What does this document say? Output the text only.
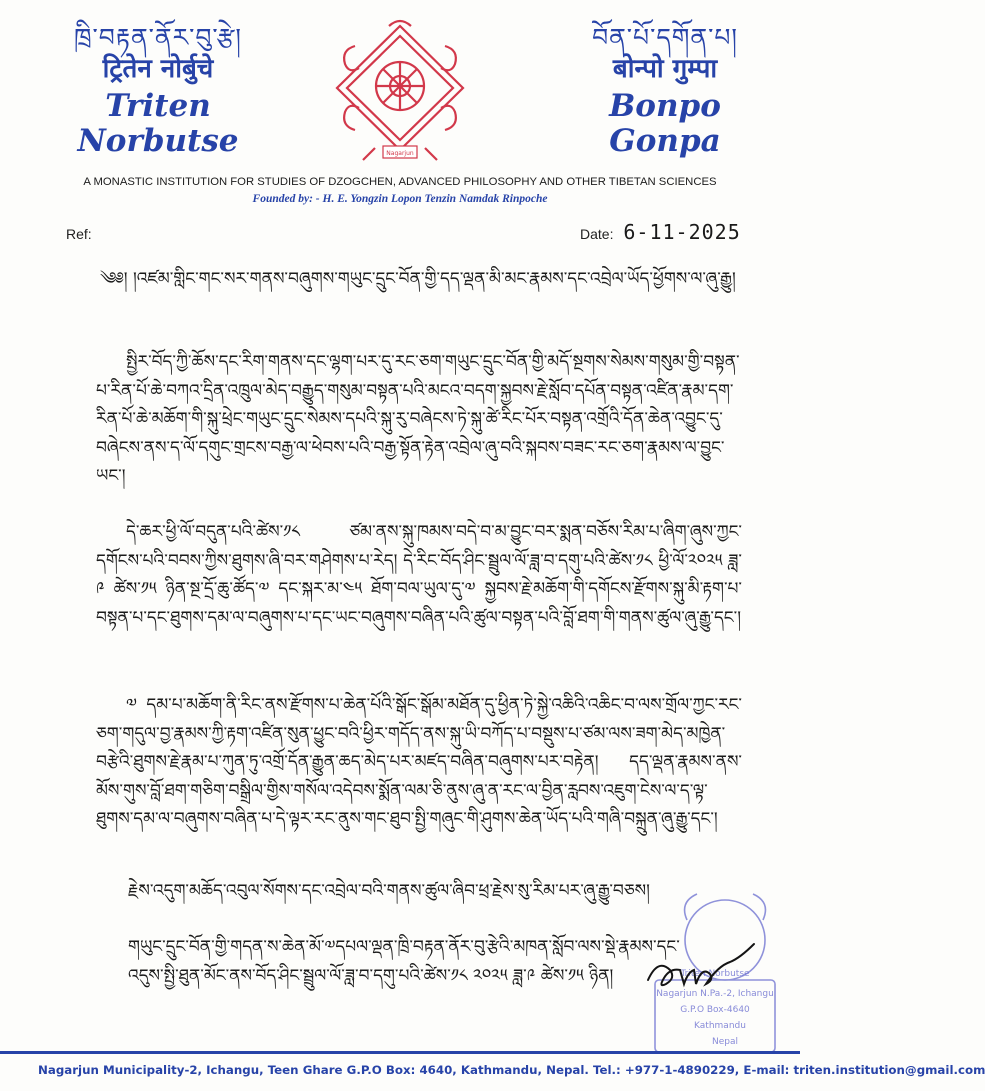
ཁྲི་བརྟན་ནོར་བུ་རྩེ།
ट्रितेन नोर्बुचे
Triten Norbutse	Nagarjun
བོན་པོ་དགོན་པ།
बोन्पो गुम्पा
Bonpo Gonpa
A MONASTIC INSTITUTION FOR STUDIES OF DZOGCHEN, ADVANCED PHILOSOPHY AND OTHER TIBETAN SCIENCES
Founded by: - H. E. Yongzin Lopon Tenzin Namdak Rinpoche
Ref:	Date: 6-11-2025
༄༅། །འཛམ་གླིང་གང་སར་གནས་བཞུགས་གཡུང་དྲུང་བོན་གྱི་དད་ལྡན་མི་མང་རྣམས་དང་འབྲེལ་ཡོད་ཕྱོགས་ལ་ཞུ་རྒྱུ།
སྤྱིར་བོད་ཀྱི་ཆོས་དང་རིག་གནས་དང་ལྷག་པར་དུ་རང་ཅག་གཡུང་དྲུང་བོན་གྱི་མདོ་སྔགས་སེམས་གསུམ་གྱི་བསྟན་པ་རིན་པོ་ཆེ་བཀའ་དྲིན་འཁྲུལ་མེད་བརྒྱུད་གསུམ་བསྟན་པའི་མངའ་བདག་སྐྱབས་རྗེ་སློབ་དཔོན་བསྟན་འཛིན་རྣམ་དག་རིན་པོ་ཆེ་མཆོག་གི་སྐུ་ཕྲེང་གཡུང་དྲུང་སེམས་དཔའི་སྐུ་རུ་བཞེངས་ཏེ་སྐུ་ཚེ་རིང་པོར་བསྟན་འགྲོའི་དོན་ཆེན་འབྱུང་དུ་བཞེངས་ནས་ད་ལོ་དགུང་གྲངས་བརྒྱ་ལ་ཕེབས་པའི་བརྒྱ་སྟོན་རྟེན་འབྲེལ་ཞུ་བའི་སྐབས་བཟང་རང་ཅག་རྣམས་ལ་བྱུང་ཡང་།
དེ་ཆར་ཕྱི་ལོ་བདུན་པའི་ཚེས་༡༨ ཙམ་ནས་སྐུ་ཁམས་བདེ་བ་མ་བྱུང་བར་སྨན་བཅོས་རིམ་པ་ཞིག་ཞུས་ཀྱང་དགོངས་པའི་བབས་ཀྱིས་ཐུགས་ཞི་བར་གཤེགས་པ་རེད། དེ་རིང་བོད་ཤིང་སྦྲུལ་ལོ་ཟླ་བ་དགུ་པའི་ཚེས་༡༨ ཕྱི་ལོ་༢༠༢༥ ཟླ་༩ ཚེས་༡༥ ཉིན་སྔ་དྲོ་ཆུ་ཚོད་༧ དང་སྐར་མ་༤༥ ཐོག་བལ་ཡུལ་དུ་༧ སྐྱབས་རྗེ་མཆོག་གི་དགོངས་རྫོགས་སྐུ་མི་རྟག་པ་བསྟན་པ་དང་ཐུགས་དམ་ལ་བཞུགས་པ་དང་ཡང་བཞུགས་བཞིན་པའི་ཚུལ་བསྟན་པའི་བློ་ཐག་གི་གནས་ཚུལ་ཞུ་རྒྱུ་དང་།
༧ དམ་པ་མཆོག་ནི་རིང་ནས་རྫོགས་པ་ཆེན་པོའི་སྒོང་སྒོམ་མཐོན་དུ་ཕྱིན་ཏེ་སྐྱེ་འཆིའི་འཆིང་བ་ལས་གྲོལ་ཀྱང་རང་ཅག་གདུལ་བྱ་རྣམས་ཀྱི་རྟག་འཛིན་སུན་ཕྱུང་བའི་ཕྱིར་གདོད་ནས་སྐུ་ཡི་བཀོད་པ་བསྡུས་པ་ཙམ་ལས་ཟག་མེད་མཁྱེན་བརྩེའི་ཐུགས་རྗེ་རྣམ་པ་ཀུན་ཏུ་འགྲོ་དོན་རྒྱུན་ཆད་མེད་པར་མཛད་བཞིན་བཞུགས་པར་བརྟེན། དད་ལྡན་རྣམས་ནས་མོས་གུས་བློ་ཐག་གཅིག་བསྒྲིལ་གྱིས་གསོལ་འདེབས་སྨོན་ལམ་ཅི་ནུས་ཞུ་ན་རང་ལ་བྱིན་རླབས་འཇུག་ངེས་ལ་ད་ལྟ་ཐུགས་དམ་ལ་བཞུགས་བཞིན་པ་དེ་ལྟར་རང་ནུས་གང་ཐུབ་སྤྱི་གཞུང་གི་ཤུགས་ཆེན་ཡོད་པའི་གཞི་བསྐྲུན་ཞུ་རྒྱུ་དང་།
རྗེས་འདུག་མཆོད་འབུལ་སོགས་དང་འབྲེལ་བའི་གནས་ཚུལ་ཞིབ་ཕྲ་རྗེས་སུ་རིམ་པར་ཞུ་རྒྱུ་བཅས།
གཡུང་དྲུང་བོན་གྱི་གདན་ས་ཆེན་མོ་༧དཔལ་ལྡན་ཁྲི་བརྟན་ནོར་བུ་རྩེའི་མཁན་སློབ་ལས་སྡེ་རྣམས་དང་
འདུས་སྤྱི་ཐུན་མོང་ནས་བོད་ཤིང་སྦྲུལ་ལོ་ཟླ་བ་དགུ་པའི་ཚེས་༡༨ ༢༠༢༥ ཟླ་༩ ཚེས་༡༥ ཉིན།	Triten Norbutse
Nagarjun N.Pa.-2, Ichangu
G.P.O Box-4640
Kathmandu
Nepal
Nagarjun Municipality-2, Ichangu, Teen Ghare G.P.O Box: 4640, Kathmandu, Nepal. Tel.: +977-1-4890229, E-mail: triten.institution@gmail.com
